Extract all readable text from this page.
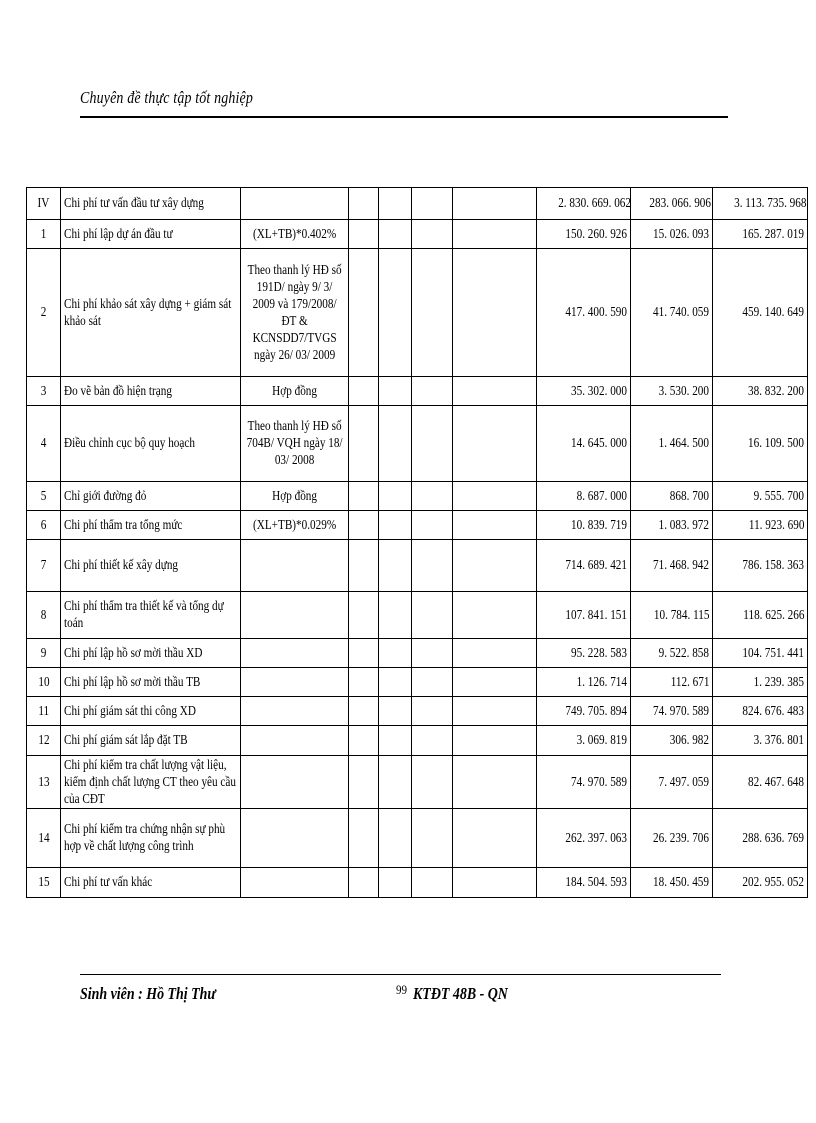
Chuyên đề thực tập tốt nghiệp
IV	Chi phí tư vấn đầu tư xây dựng						2. 830. 669. 062	283. 066. 906	3. 113. 735. 968
1	Chi phí lập dự án đầu tư	(XL+TB)*0.402%					150. 260. 926	15. 026. 093	165. 287. 019
2	Chi phí khảo sát xây dựng + giám sát khảo sát	Theo thanh lý HĐ số 191D/ ngày 9/ 3/ 2009 và 179/2008/ĐT & KCNSDD7/TVGS ngày 26/ 03/ 2009					417. 400. 590	41. 740. 059	459. 140. 649
3	Đo vẽ bản đồ hiện trạng	Hợp đồng					35. 302. 000	3. 530. 200	38. 832. 200
4	Điều chỉnh cục bộ quy hoạch	Theo thanh lý HĐ số 704B/ VQH ngày 18/ 03/ 2008					14. 645. 000	1. 464. 500	16. 109. 500
5	Chỉ giới đường đỏ	Hợp đồng					8. 687. 000	868. 700	9. 555. 700
6	Chi phí thẩm tra tổng mức	(XL+TB)*0.029%					10. 839. 719	1. 083. 972	11. 923. 690
7	Chi phí thiết kế xây dựng						714. 689. 421	71. 468. 942	786. 158. 363
8	Chi phí thẩm tra thiết kế và tổng dự toán						107. 841. 151	10. 784. 115	118. 625. 266
9	Chi phí lập hồ sơ mời thầu XD						95. 228. 583	9. 522. 858	104. 751. 441
10	Chi phí lập hồ sơ mời thầu TB						1. 126. 714	112. 671	1. 239. 385
11	Chi phí giám sát thi công XD						749. 705. 894	74. 970. 589	824. 676. 483
12	Chi phí giám sát lắp đặt TB						3. 069. 819	306. 982	3. 376. 801
13	Chi phí kiểm tra chất lượng vật liệu, kiểm định chất lượng CT theo yêu cầu của CĐT						74. 970. 589	7. 497. 059	82. 467. 648
14	Chi phí kiểm tra chứng nhận sự phù hợp về chất lượng công trình						262. 397. 063	26. 239. 706	288. 636. 769
15	Chi phí tư vấn khác						184. 504. 593	18. 450. 459	202. 955. 052
Sinh viên : Hồ Thị Thư	99 KTĐT 48B - QN
